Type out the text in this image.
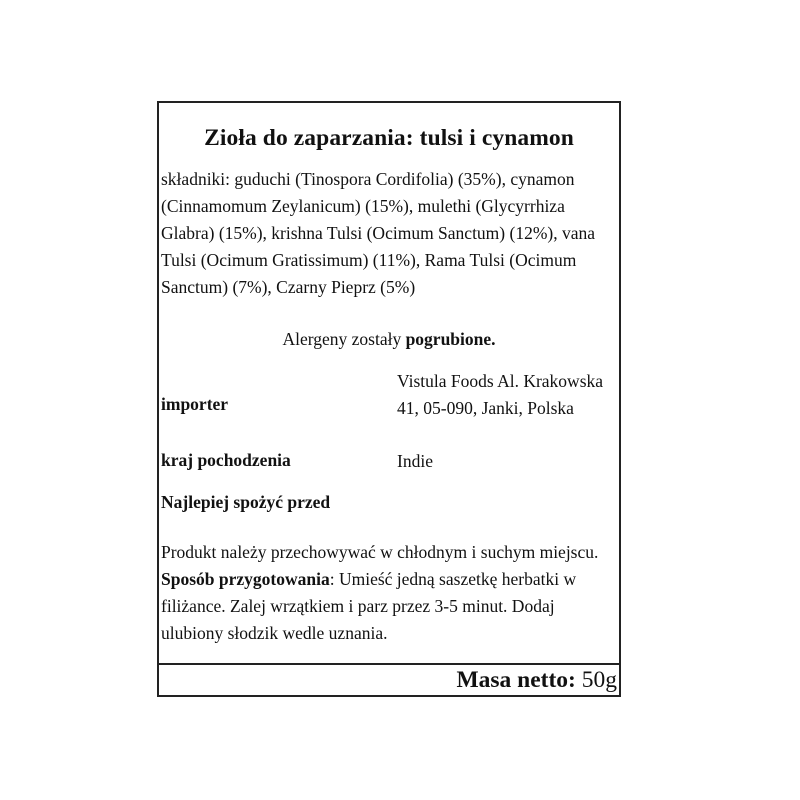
Zioła do zaparzania: tulsi i cynamon
składniki: guduchi (Tinospora Cordifolia) (35%), cynamon (Cinnamomum Zeylanicum) (15%), mulethi (Glycyrrhiza Glabra) (15%), krishna Tulsi (Ocimum Sanctum) (12%), vana Tulsi (Ocimum Gratissimum) (11%), Rama Tulsi (Ocimum Sanctum) (7%), Czarny Pieprz (5%)
Alergeny zostały pogrubione.
importer
Vistula Foods Al. Krakowska 41, 05-090, Janki, Polska
kraj pochodzenia	Indie
Najlepiej spożyć przed
Produkt należy przechowywać w chłodnym i suchym miejscu. Sposób przygotowania: Umieść jedną saszetkę herbatki w filiżance. Zalej wrzątkiem i parz przez 3-5 minut. Dodaj ulubiony słodzik wedle uznania.
Masa netto: 50g
